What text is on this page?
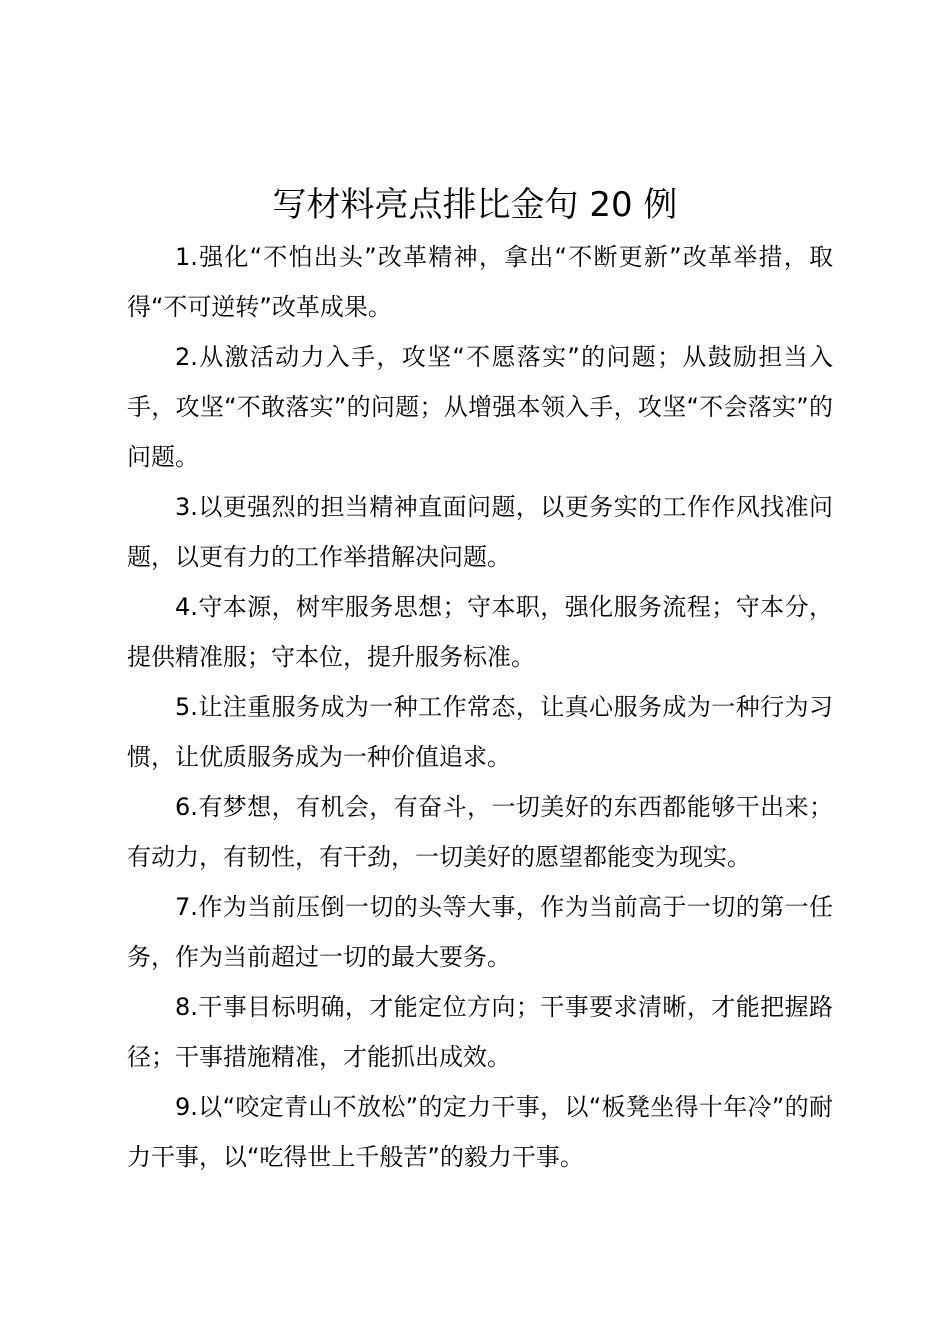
写材料亮点排比金句 20 例

1.强化“不怕出头”改革精神，拿出“不断更新”改革举措，取得“不可逆转”改革成果。

2.从激活动力入手，攻坚“不愿落实”的问题；从鼓励担当入手，攻坚“不敢落实”的问题；从增强本领入手，攻坚“不会落实”的问题。

3.以更强烈的担当精神直面问题，以更务实的工作作风找准问题，以更有力的工作举措解决问题。

4.守本源，树牢服务思想；守本职，强化服务流程；守本分，提供精准服；守本位，提升服务标准。

5.让注重服务成为一种工作常态，让真心服务成为一种行为习惯，让优质服务成为一种价值追求。

6.有梦想，有机会，有奋斗，一切美好的东西都能够干出来；有动力，有韧性，有干劲，一切美好的愿望都能变为现实。

7.作为当前压倒一切的头等大事，作为当前高于一切的第一任务，作为当前超过一切的最大要务。

8.干事目标明确，才能定位方向；干事要求清晰，才能把握路径；干事措施精准，才能抓出成效。

9.以“咬定青山不放松”的定力干事，以“板凳坐得十年冷”的耐力干事，以“吃得世上千般苦”的毅力干事。
